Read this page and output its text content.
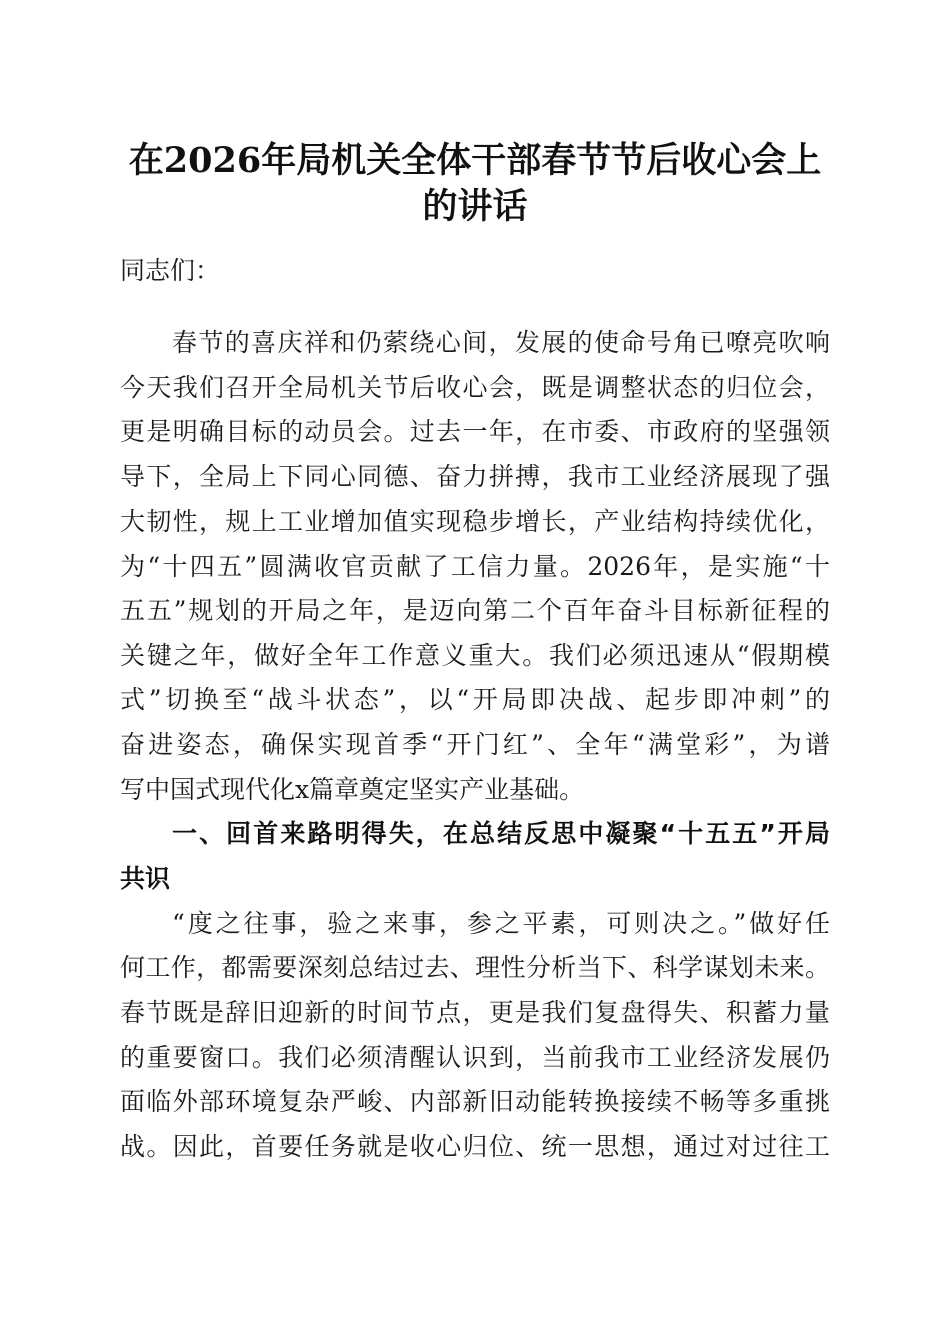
在2026年局机关全体干部春节节后收心会上
的讲话
同志们：
春节的喜庆祥和仍萦绕心间，发展的使命号角已嘹亮吹响
今天我们召开全局机关节后收心会，既是调整状态的归位会，
更是明确目标的动员会。过去一年，在市委、市政府的坚强领
导下，全局上下同心同德、奋力拼搏，我市工业经济展现了强
大韧性，规上工业增加值实现稳步增长，产业结构持续优化，
为“十四五”圆满收官贡献了工信力量。2026年，是实施“十
五五”规划的开局之年，是迈向第二个百年奋斗目标新征程的
关键之年，做好全年工作意义重大。我们必须迅速从“假期模
式”切换至“战斗状态”，以“开局即决战、起步即冲刺”的
奋进姿态，确保实现首季“开门红”、全年“满堂彩”，为谱
写中国式现代化x篇章奠定坚实产业基础。
一、回首来路明得失，在总结反思中凝聚“十五五”开局
共识
“度之往事，验之来事，参之平素，可则决之。”做好任
何工作，都需要深刻总结过去、理性分析当下、科学谋划未来。
春节既是辞旧迎新的时间节点，更是我们复盘得失、积蓄力量
的重要窗口。我们必须清醒认识到，当前我市工业经济发展仍
面临外部环境复杂严峻、内部新旧动能转换接续不畅等多重挑
战。因此，首要任务就是收心归位、统一思想，通过对过往工
